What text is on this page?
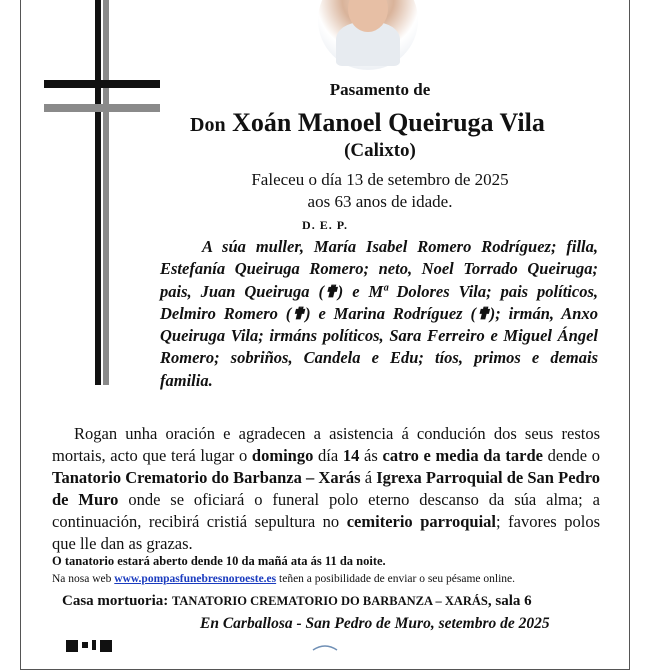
Pasamento de
Don Xoán Manoel Queiruga Vila
(Calixto)
Faleceu o día 13 de setembro de 2025
aos 63 anos de idade.
D. E. P.
A súa muller, María Isabel Romero Rodríguez; filla, Estefanía Queiruga Romero; neto, Noel Torrado Queiruga; pais, Juan Queiruga (✟) e Mª Dolores Vila; pais políticos, Delmiro Romero (✟) e Marina Rodríguez (✟); irmán, Anxo Queiruga Vila; irmáns políticos, Sara Ferreiro e Miguel Ángel Romero; sobriños, Candela e Edu; tíos, primos e demais familia.
Rogan unha oración e agradecen a asistencia á condución dos seus restos mortais, acto que terá lugar o domingo día 14 ás catro e media da tarde dende o Tanatorio Crematorio do Barbanza – Xarás á Igrexa Parroquial de San Pedro de Muro onde se oficiará o funeral polo eterno descanso da súa alma; a continuación, recibirá cristiá sepultura no cemiterio parroquial; favores polos que lle dan as grazas.
O tanatorio estará aberto dende 10 da mañá ata ás 11 da noite.
Na nosa web www.pompasfunebresnoroeste.es teñen a posibilidade de enviar o seu pésame online.
Casa mortuoria: TANATORIO CREMATORIO DO BARBANZA – XARÁS, sala 6
En Carballosa - San Pedro de Muro, setembro de 2025
